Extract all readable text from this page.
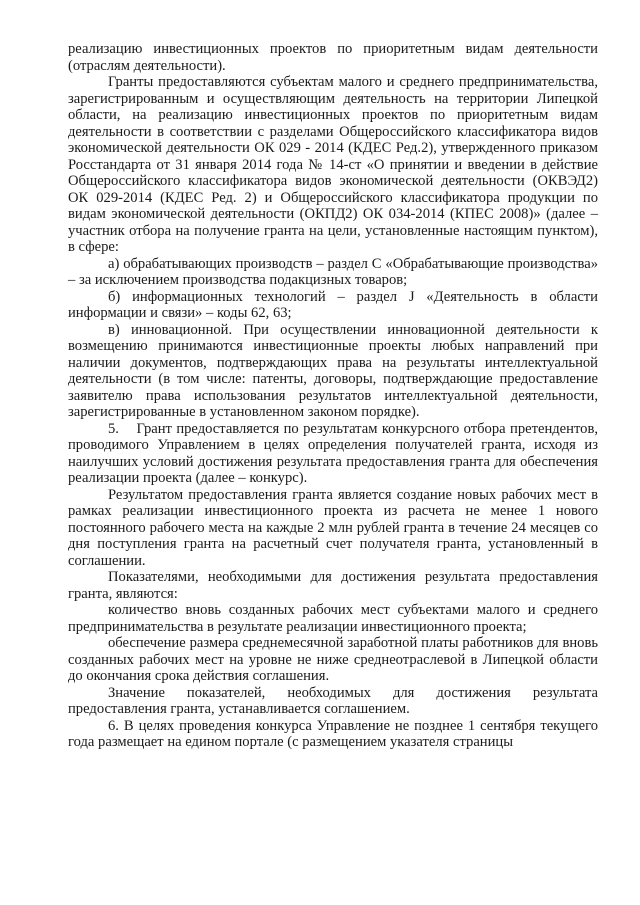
реализацию инвестиционных проектов по приоритетным видам деятельности (отраслям деятельности).

Гранты предоставляются субъектам малого и среднего предпринимательства, зарегистрированным и осуществляющим деятельность на территории Липецкой области, на реализацию инвестиционных проектов по приоритетным видам деятельности в соответствии с разделами Общероссийского классификатора видов экономической деятельности ОК 029 - 2014 (КДЕС Ред.2), утвержденного приказом Росстандарта от 31 января 2014 года № 14-ст «О принятии и введении в действие Общероссийского классификатора видов экономической деятельности (ОКВЭД2) ОК 029-2014 (КДЕС Ред. 2) и Общероссийского классификатора продукции по видам экономической деятельности (ОКПД2) ОК 034-2014 (КПЕС 2008)» (далее – участник отбора на получение гранта на цели, установленные настоящим пунктом), в сфере:

а) обрабатывающих производств – раздел С «Обрабатывающие производства» – за исключением производства подакцизных товаров;

б) информационных технологий – раздел J «Деятельность в области информации и связи» – коды 62, 63;

в) инновационной. При осуществлении инновационной деятельности к возмещению принимаются инвестиционные проекты любых направлений при наличии документов, подтверждающих права на результаты интеллектуальной деятельности (в том числе: патенты, договоры, подтверждающие предоставление заявителю права использования результатов интеллектуальной деятельности, зарегистрированные в установленном законом порядке).

5.    Грант предоставляется по результатам конкурсного отбора претендентов, проводимого Управлением в целях определения получателей гранта, исходя из наилучших условий достижения результата предоставления гранта для обеспечения реализации проекта (далее – конкурс).

Результатом предоставления гранта является создание новых рабочих мест в рамках реализации инвестиционного проекта из расчета не менее 1 нового постоянного рабочего места на каждые 2 млн рублей гранта в течение 24 месяцев со дня поступления гранта на расчетный счет получателя гранта, установленный в соглашении.

Показателями, необходимыми для достижения результата предоставления гранта, являются:

количество вновь созданных рабочих мест субъектами малого и среднего предпринимательства в результате реализации инвестиционного проекта;

обеспечение размера среднемесячной заработной платы работников для вновь созданных рабочих мест на уровне не ниже среднеотраслевой в Липецкой области до окончания срока действия соглашения.

Значение показателей, необходимых для достижения результата предоставления гранта, устанавливается соглашением.

6. В целях проведения конкурса Управление не позднее 1 сентября текущего года размещает на едином портале (с размещением указателя страницы
